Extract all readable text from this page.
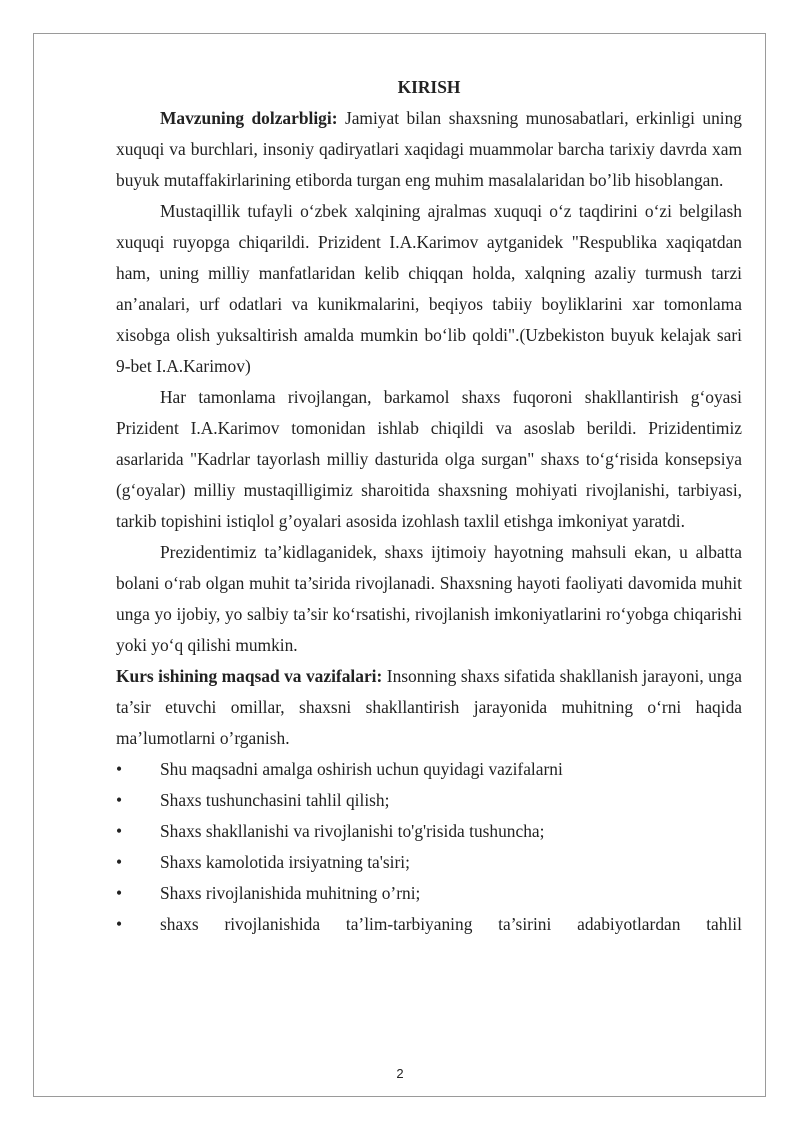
KIRISH

Mavzuning dolzarbligi: Jamiyat bilan shaxsning munosabatlari, erkinligi uning xuquqi va burchlari, insoniy qadiryatlari xaqidagi muammolar barcha tarixiy davrda xam buyuk mutaffakirlarining etiborda turgan eng muhim masalalaridan bo’lib hisoblangan.

Mustaqillik tufayli o‘zbek xalqining ajralmas xuquqi o‘z taqdirini o‘zi belgilash xuquqi ruyopga chiqarildi. Prizident I.A.Karimov aytganidek "Respublika xaqiqatdan ham, uning milliy manfatlaridan kelib chiqqan holda, xalqning azaliy turmush tarzi an’analari, urf odatlari va kunikmalarini, beqiyos tabiiy boyliklarini xar tomonlama xisobga olish yuksaltirish amalda mumkin bo‘lib qoldi".(Uzbekiston buyuk kelajak sari 9-bet I.A.Karimov)

Har tamonlama rivojlangan, barkamol shaxs fuqoroni shakllantirish g‘oyasi Prizident I.A.Karimov tomonidan ishlab chiqildi va asoslab berildi. Prizidentimiz asarlarida "Kadrlar tayorlash milliy dasturida olga surgan" shaxs to‘g‘risida konsepsiya (g‘oyalar) milliy mustaqilligimiz sharoitida shaxsning mohiyati rivojlanishi, tarbiyasi, tarkib topishini istiqlol g’oyalari asosida izohlash taxlil etishga imkoniyat yaratdi.

Prezidentimiz ta’kidlaganidek, shaxs ijtimoiy hayotning mahsuli ekan, u albatta bolani o‘rab olgan muhit ta’sirida rivojlanadi. Shaxsning hayoti faoliyati davomida muhit unga yo ijobiy, yo salbiy ta’sir ko‘rsatishi, rivojlanish imkoniyatlarini ro‘yobga chiqarishi yoki yo‘q qilishi mumkin.

Kurs ishining maqsad va vazifalari: Insonning shaxs sifatida shakllanish jarayoni, unga ta’sir etuvchi omillar, shaxsni shakllantirish jarayonida muhitning o‘rni haqida ma’lumotlarni o’rganish.

• Shu maqsadni amalga oshirish uchun quyidagi vazifalarni
• Shaxs tushunchasini tahlil qilish;
• Shaxs shakllanishi va rivojlanishi to'g'risida tushuncha;
• Shaxs kamolotida irsiyatning ta'siri;
• Shaxs rivojlanishida muhitning o’rni;
• shaxs rivojlanishida ta’lim-tarbiyaning ta’sirini adabiyotlardan tahlil
2
